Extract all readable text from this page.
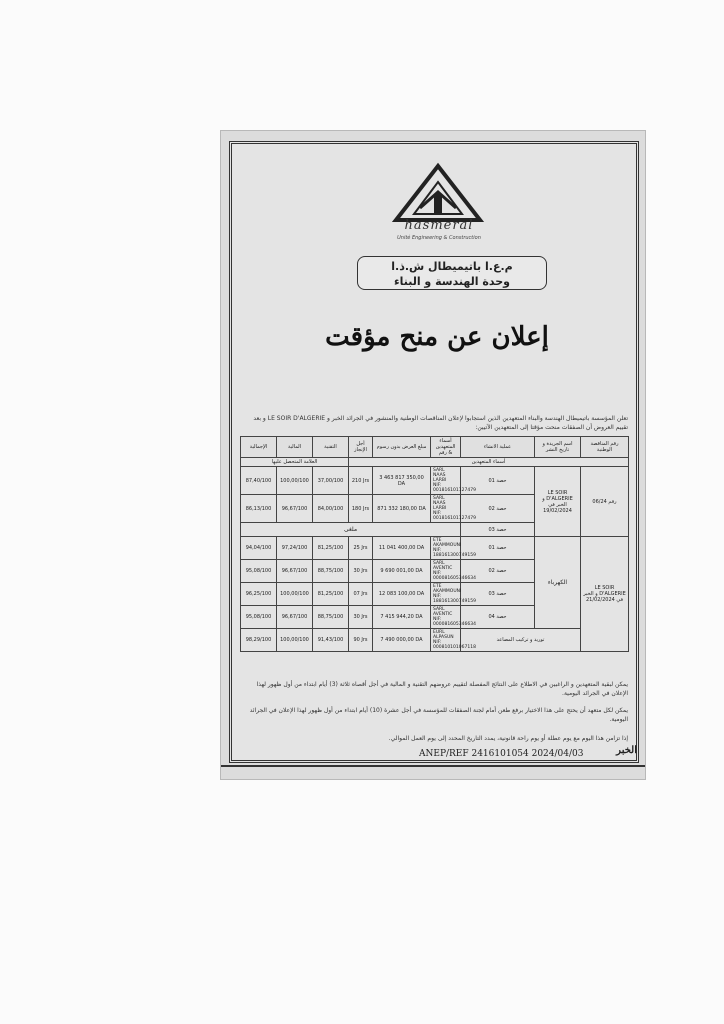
hasmeral
Unité Engineering & Construction
م.ع.ا باتيميطال ش.ذ.ا
وحدة الهندسة و البناء
إعلان عن منح مؤقت
تعلن المؤسسة باتيميطال الهندسة والبناء المتعهدين الذين استجابوا لإعلان المناقصات الوطنية والمنشور في الجرائد الخبر و LE SOIR D'ALGERIE و بعد تقييم العروض أن الصفقات منحت مؤقتا إلى المتعهدين الآتيين:
الإجمالية	المالية	التقنية	أجل الإنجاز	مبلغ العرض بدون رسوم	أسماء المتعهدين & رقم	عملية الانشاء	اسم الجريدة و تاريخ النشر	رقم المناقصة الوطنية	

العلامة المتحصل عليها			أسماء المتعهدين						
87,40/100	100,00/100	37,00/100	210 Jrs	3 463 817 350,00 DA	SARL NAAS LARBI
NIF: 001816101127479	حصة 01	LE SOIR D'ALGERIE و الخبر في 19/02/2024	رقم 06/24	
86,13/100	96,67/100	84,00/100	180 Jrs	871 332 180,00 DA	SARL NAAS LARBI
NIF: 001816101127479	حصة 02			
ملغى						حصة 03			
94,04/100	97,24/100	81,25/100	25 Jrs	11 041 400,00 DA	ETE AKAMMOUNI
NIF: 188161300749159	حصة 01	الكهرباء	LE SOIR D'ALGERIE و الخبر في 21/02/2024	
95,08/100	96,67/100	88,75/100	30 Jrs	9 690 001,00 DA	SARL AVENTIC
NIF: 000081605346634	حصة 02			
96,25/100	100,00/100	81,25/100	07 Jrs	12 083 100,00 DA	ETE AKAMMOUNI
NIF: 188161300749159	حصة 03			
95,08/100	96,67/100	88,75/100	30 Jrs	7 415 944,20 DA	SARL AVENTIC
NIF: 000081605346634	حصة 04			
98,29/100	100,00/100	91,43/100	90 Jrs	7 490 000,00 DA	EURL ALPASUN
NIF: 000810101067118	توريد و تركيب المصاعد			
يمكن لبقية المتعهدين و الراغبين في الاطلاع على النتائج المفصلة لتقييم عروضهم التقنية و المالية في أجل أقصاه ثلاثة (3) أيام ابتداء من أول ظهور لهذا الإعلان في الجرائد اليومية.
يمكن لكل متعهد أن يحتج على هذا الاختيار برفع طعن أمام لجنة الصفقات للمؤسسة في أجل عشرة (10) أيام ابتداء من أول ظهور لهذا الإعلان في الجرائد اليومية.
إذا تزامن هذا اليوم مع يوم عطلة أو يوم راحة قانونية، يمدد التاريخ المحدد إلى يوم العمل الموالي.
ANEP/REF 2416101054 2024/04/03	الخبر
